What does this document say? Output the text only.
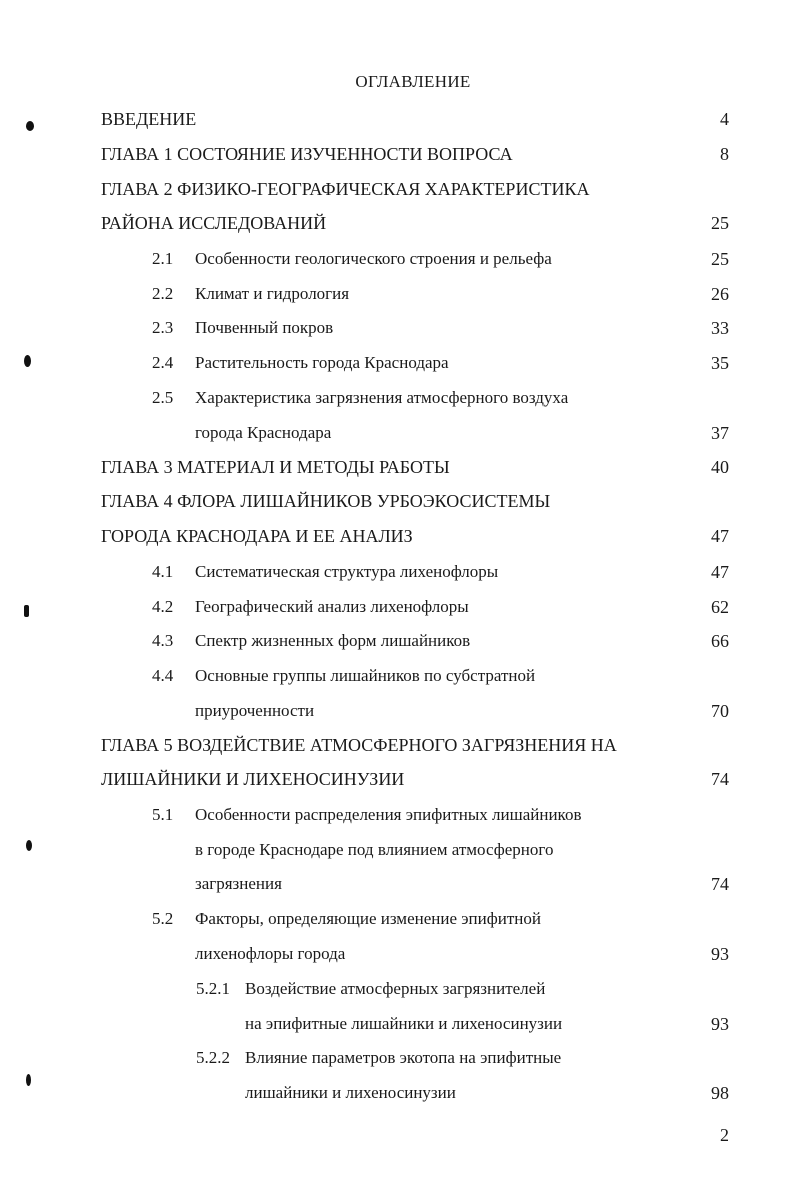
ОГЛАВЛЕНИЕ
ВВЕДЕНИЕ	4
ГЛАВА 1 СОСТОЯНИЕ ИЗУЧЕННОСТИ ВОПРОСА	8
ГЛАВА 2 ФИЗИКО-ГЕОГРАФИЧЕСКАЯ ХАРАКТЕРИСТИКА
РАЙОНА ИССЛЕДОВАНИЙ	25
2.1 Особенности геологического строения и рельефа	25
2.2 Климат и гидрология	26
2.3 Почвенный покров	33
2.4 Растительность города Краснодара	35
2.5 Характеристика загрязнения атмосферного воздуха
города Краснодара	37
ГЛАВА 3 МАТЕРИАЛ И МЕТОДЫ РАБОТЫ	40
ГЛАВА 4 ФЛОРА ЛИШАЙНИКОВ УРБОЭКОСИСТЕМЫ
ГОРОДА КРАСНОДАРА И ЕЕ АНАЛИЗ	47
4.1 Систематическая структура лихенофлоры	47
4.2 Географический анализ лихенофлоры	62
4.3 Спектр жизненных форм лишайников	66
4.4 Основные группы лишайников по субстратной
приуроченности	70
ГЛАВА 5 ВОЗДЕЙСТВИЕ АТМОСФЕРНОГО ЗАГРЯЗНЕНИЯ НА
ЛИШАЙНИКИ И ЛИХЕНОСИНУЗИИ	74
5.1 Особенности распределения эпифитных лишайников
в городе Краснодаре под влиянием атмосферного
загрязнения	74
5.2 Факторы, определяющие изменение эпифитной
лихенофлоры города	93
5.2.1 Воздействие атмосферных загрязнителей
на эпифитные лишайники и лихеносинузии	93
5.2.2 Влияние параметров экотопа на эпифитные
лишайники и лихеносинузии	98
2
